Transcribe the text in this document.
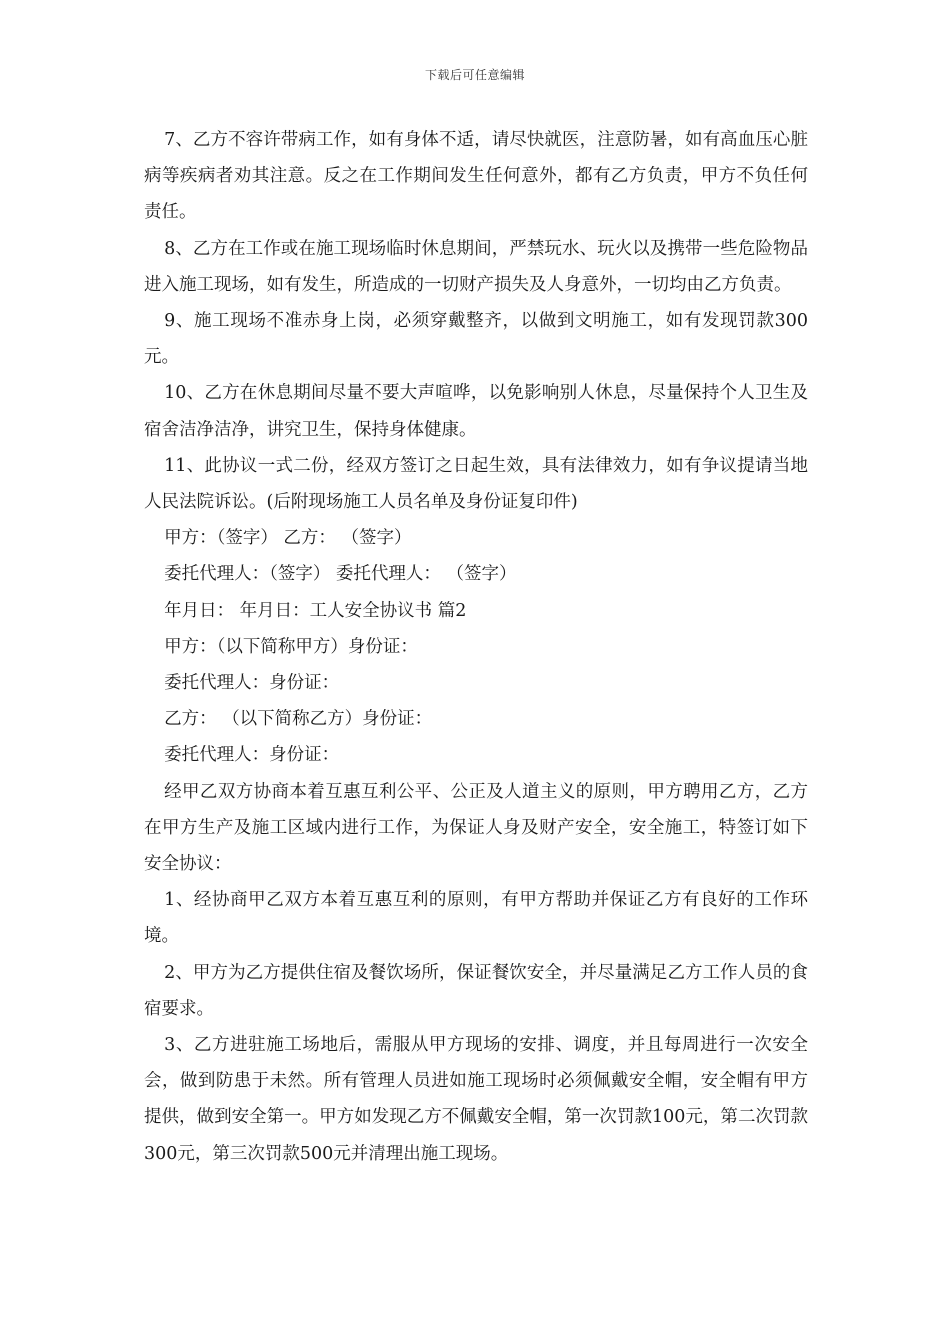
下载后可任意编辑

7、乙方不容许带病工作，如有身体不适，请尽快就医，注意防暑，如有高血压心脏病等疾病者劝其注意。反之在工作期间发生任何意外，都有乙方负责，甲方不负任何责任。

8、乙方在工作或在施工现场临时休息期间，严禁玩水、玩火以及携带一些危险物品进入施工现场，如有发生，所造成的一切财产损失及人身意外，一切均由乙方负责。

9、施工现场不准赤身上岗，必须穿戴整齐，以做到文明施工，如有发现罚款300元。

10、乙方在休息期间尽量不要大声喧哗，以免影响别人休息，尽量保持个人卫生及宿舍洁净洁净，讲究卫生，保持身体健康。

11、此协议一式二份，经双方签订之日起生效，具有法律效力，如有争议提请当地人民法院诉讼。(后附现场施工人员名单及身份证复印件)

甲方：（签字） 乙方： （签字）

委托代理人：（签字） 委托代理人： （签字）

年月日： 年月日：工人安全协议书 篇2

甲方：（以下简称甲方）身份证：

委托代理人：身份证：

乙方： （以下简称乙方）身份证：

委托代理人：身份证：

经甲乙双方协商本着互惠互利公平、公正及人道主义的原则，甲方聘用乙方，乙方在甲方生产及施工区域内进行工作，为保证人身及财产安全，安全施工，特签订如下安全协议：

1、经协商甲乙双方本着互惠互利的原则，有甲方帮助并保证乙方有良好的工作环境。

2、甲方为乙方提供住宿及餐饮场所，保证餐饮安全，并尽量满足乙方工作人员的食宿要求。

3、乙方进驻施工场地后，需服从甲方现场的安排、调度，并且每周进行一次安全会，做到防患于未然。所有管理人员进如施工现场时必须佩戴安全帽，安全帽有甲方提供，做到安全第一。甲方如发现乙方不佩戴安全帽，第一次罚款100元，第二次罚款300元，第三次罚款500元并清理出施工现场。
